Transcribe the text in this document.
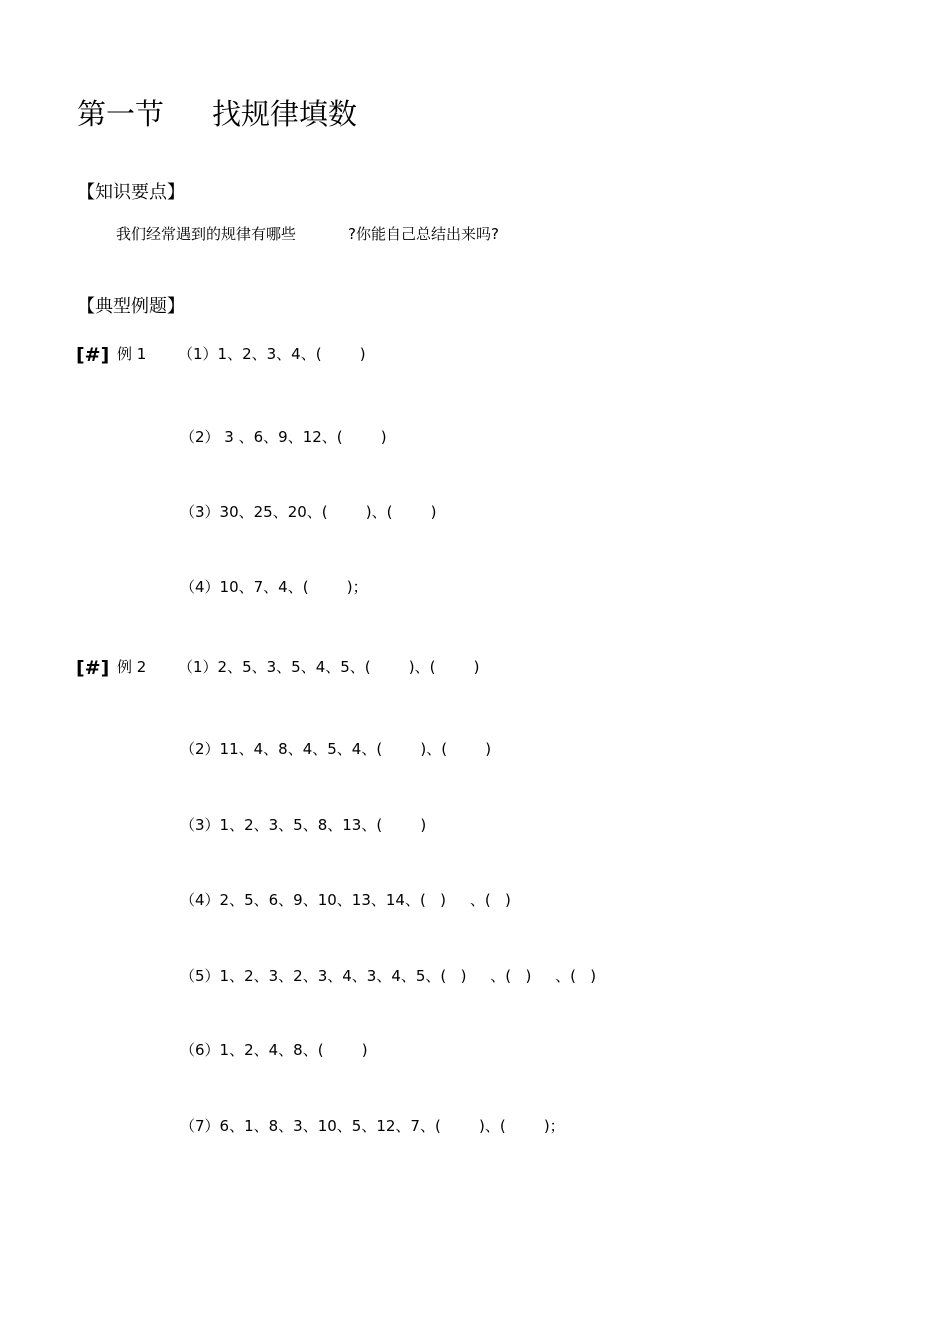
第一节 找规律填数
【知识要点】
我们经常遇到的规律有哪些	?你能自己总结出来吗?
【典型例题】
[#] 例 1 （1）1、2、3、4、(        )
（2） 3 、6、9、12、(        )
（3）30、25、20、(        )、(        )
（4）10、7、4、(        )；
[#] 例 2 （1）2、5、3、5、4、5、(        )、(        )
（2）11、4、8、4、5、4、(        )、(        )
（3）1、2、3、5、8、13、(        )
（4）2、5、6、9、10、13、14、(   )     、(   )
（5）1、2、3、2、3、4、3、4、5、(   )     、(   )     、(   )
（6）1、2、4、8、(        )
（7）6、1、8、3、10、5、12、7、(        )、(        )；
